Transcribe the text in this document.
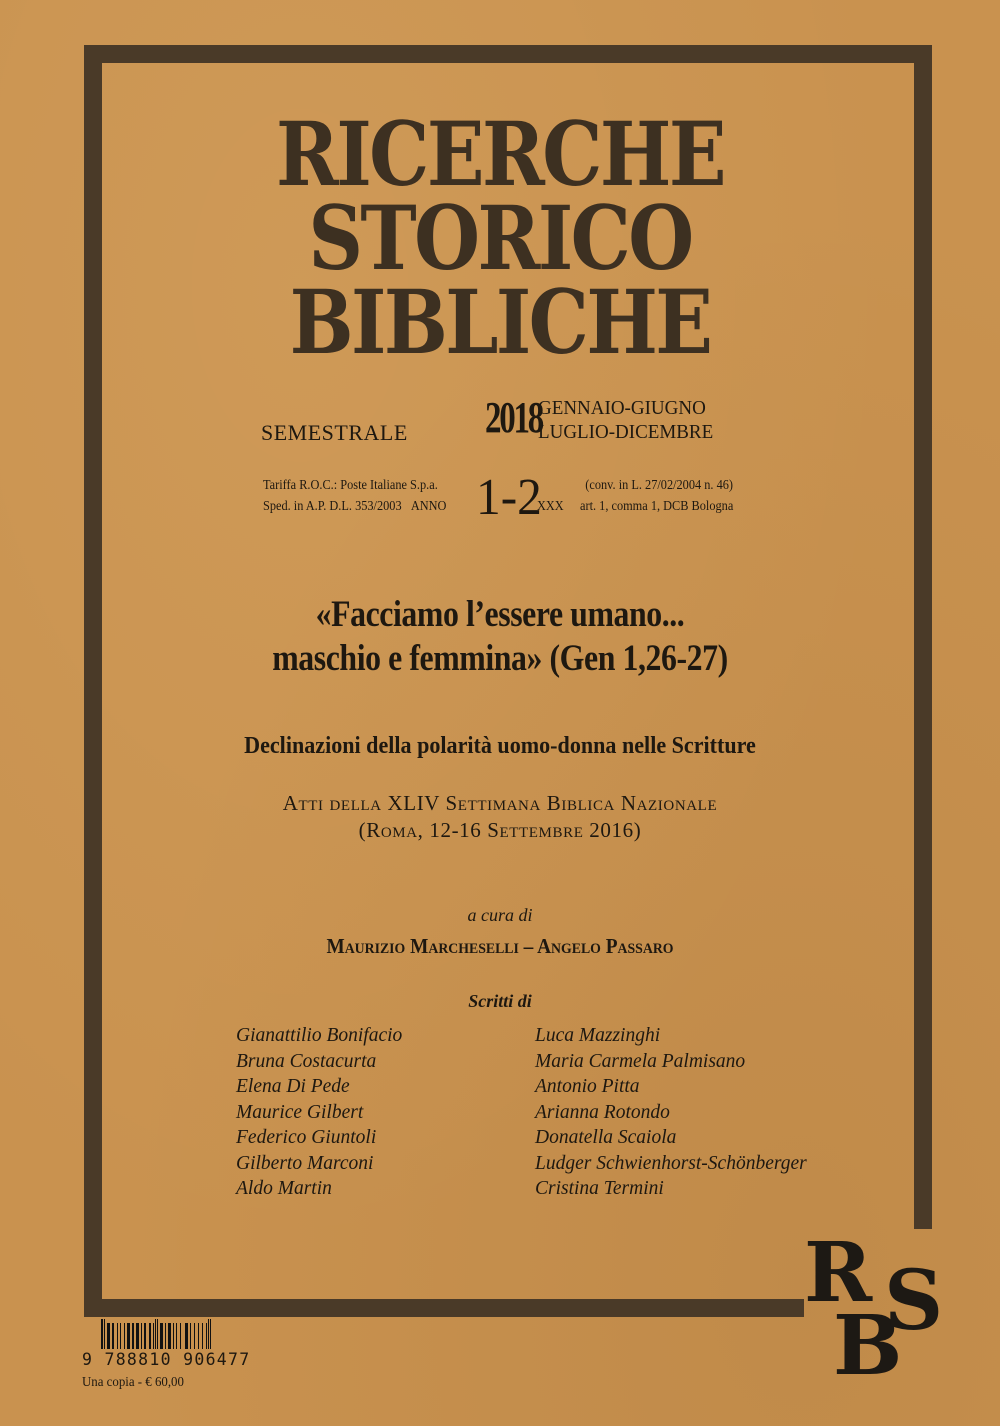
RICERCHE
STORICO
BIBLICHE
SEMESTRALE 2018
GENNAIO-GIUGNO
LUGLIO-DICEMBRE
Tariffa R.O.C.: Poste Italiane S.p.a.
Sped. in A.P. D.L. 353/2003 ANNO 1-2
XXX
(conv. in L. 27/02/2004 n. 46)
art. 1, comma 1, DCB Bologna
«Facciamo l’essere umano...
maschio e femmina» (Gen 1,26-27)
Declinazioni della polarità uomo-donna nelle Scritture
Atti della XLIV Settimana Biblica Nazionale
(Roma, 12-16 Settembre 2016)
a cura di
Maurizio Marcheselli – Angelo Passaro
Scritti di
Gianattilio Bonifacio
Bruna Costacurta
Elena Di Pede
Maurice Gilbert
Federico Giuntoli
Gilberto Marconi
Aldo Martin
Luca Mazzinghi
Maria Carmela Palmisano
Antonio Pitta
Arianna Rotondo
Donatella Scaiola
Ludger Schwienhorst-Schönberger
Cristina Termini
R
B
S
9 788810 906477
Una copia - € 60,00
